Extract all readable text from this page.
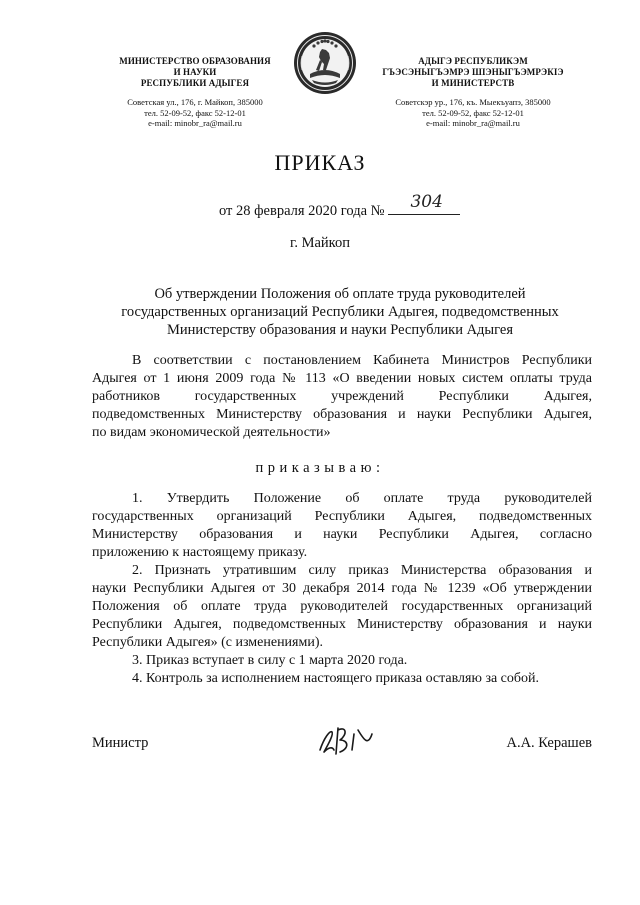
МИНИСТЕРСТВО ОБРАЗОВАНИЯ
И НАУКИ
РЕСПУБЛИКИ АДЫГЕЯ
Советская ул., 176, г. Майкоп, 385000
тел. 52-09-52, факс 52-12-01
e-mail: minobr_ra@mail.ru
АДЫГЭ РЕСПУБЛИКЭМ
ГЪЭСЭНЫГЪЭМРЭ ШIЭНЫГЪЭМРЭКIЭ
И МИНИСТЕРСТВ
Советскэр ур., 176, къ. Мыекъуапэ, 385000
тел. 52-09-52, факс 52-12-01
e-mail: minobr_ra@mail.ru
ПРИКАЗ
от 28 февраля 2020 года № 304
г. Майкоп
Об утверждении Положения об оплате труда руководителей
государственных организаций Республики Адыгея, подведомственных
Министерству образования и науки Республики Адыгея
В соответствии с постановлением Кабинета Министров Республики
Адыгея от 1 июня 2009 года № 113 «О введении новых систем оплаты труда
работников государственных учреждений Республики Адыгея,
подведомственных Министерству образования и науки Республики Адыгея,
по видам экономической деятельности»
приказываю:
1. Утвердить Положение об оплате труда руководителей
государственных организаций Республики Адыгея, подведомственных
Министерству образования и науки Республики Адыгея, согласно
приложению к настоящему приказу.
2. Признать утратившим силу приказ Министерства образования и
науки Республики Адыгея от 30 декабря 2014 года № 1239 «Об утверждении
Положения об оплате труда руководителей государственных организаций
Республики Адыгея, подведомственных Министерству образования и науки
Республики Адыгея» (с изменениями).
3. Приказ вступает в силу с 1 марта 2020 года.
4. Контроль за исполнением настоящего приказа оставляю за собой.
Министр	А.А. Керашев
